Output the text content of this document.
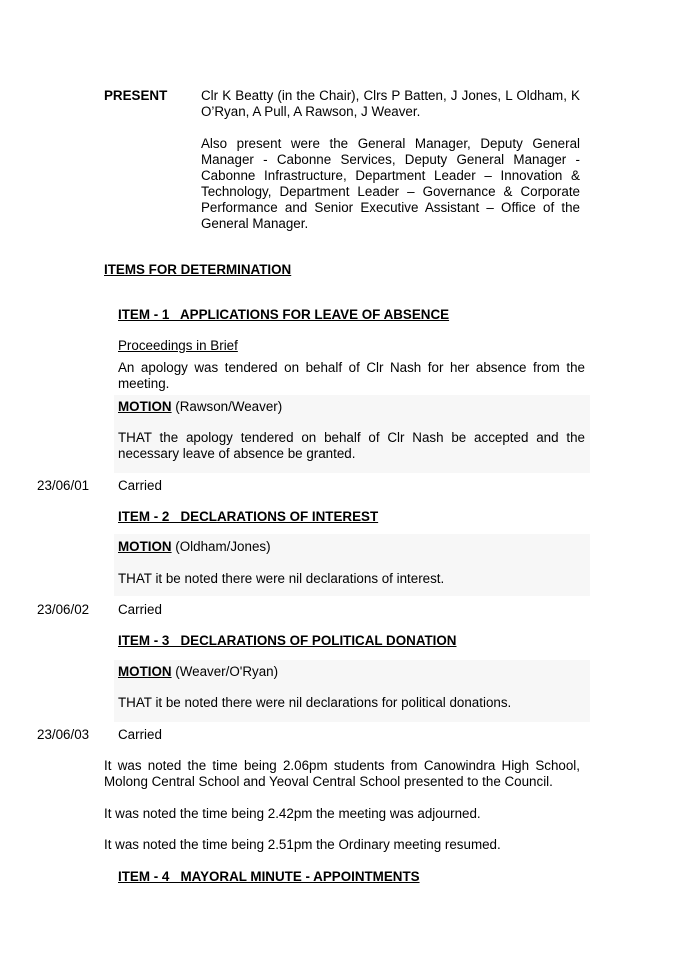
PRESENT	Clr K Beatty (in the Chair), Clrs P Batten, J Jones, L Oldham, K O’Ryan, A Pull, A Rawson, J Weaver.
Also present were the General Manager, Deputy General Manager - Cabonne Services, Deputy General Manager - Cabonne Infrastructure, Department Leader – Innovation & Technology, Department Leader – Governance & Corporate Performance and Senior Executive Assistant – Office of the General Manager.
ITEMS FOR DETERMINATION
ITEM - 1   APPLICATIONS FOR LEAVE OF ABSENCE
Proceedings in Brief
An apology was tendered on behalf of Clr Nash for her absence from the meeting.
MOTION (Rawson/Weaver)
THAT the apology tendered on behalf of Clr Nash be accepted and the necessary leave of absence be granted.
23/06/01 Carried
ITEM - 2   DECLARATIONS OF INTEREST
MOTION (Oldham/Jones)
THAT it be noted there were nil declarations of interest.
23/06/02 Carried
ITEM - 3   DECLARATIONS OF POLITICAL DONATION
MOTION (Weaver/O'Ryan)
THAT it be noted there were nil declarations for political donations.
23/06/03 Carried
It was noted the time being 2.06pm students from Canowindra High School, Molong Central School and Yeoval Central School presented to the Council.
It was noted the time being 2.42pm the meeting was adjourned.
It was noted the time being 2.51pm the Ordinary meeting resumed.
ITEM - 4   MAYORAL MINUTE - APPOINTMENTS
